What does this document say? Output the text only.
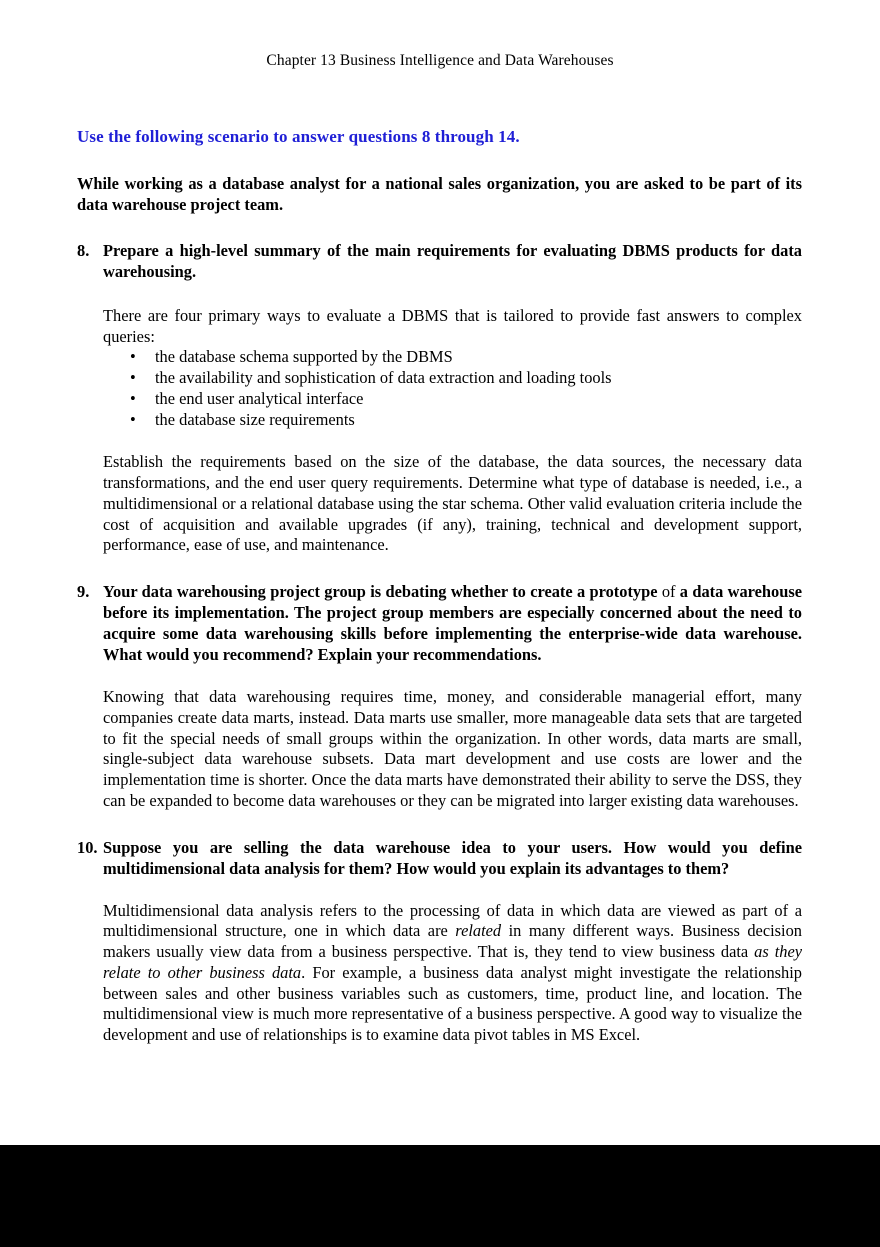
Chapter 13 Business Intelligence and Data Warehouses
Use the following scenario to answer questions 8 through 14.
While working as a database analyst for a national sales organization, you are asked to be part of its data warehouse project team.
8. Prepare a high-level summary of the main requirements for evaluating DBMS products for data warehousing.
There are four primary ways to evaluate a DBMS that is tailored to provide fast answers to complex queries:
• the database schema supported by the DBMS
• the availability and sophistication of data extraction and loading tools
• the end user analytical interface
• the database size requirements
Establish the requirements based on the size of the database, the data sources, the necessary data transformations, and the end user query requirements. Determine what type of database is needed, i.e., a multidimensional or a relational database using the star schema. Other valid evaluation criteria include the cost of acquisition and available upgrades (if any), training, technical and development support, performance, ease of use, and maintenance.
9. Your data warehousing project group is debating whether to create a prototype of a data warehouse before its implementation. The project group members are especially concerned about the need to acquire some data warehousing skills before implementing the enterprise-wide data warehouse. What would you recommend? Explain your recommendations.
Knowing that data warehousing requires time, money, and considerable managerial effort, many companies create data marts, instead. Data marts use smaller, more manageable data sets that are targeted to fit the special needs of small groups within the organization. In other words, data marts are small, single-subject data warehouse subsets. Data mart development and use costs are lower and the implementation time is shorter. Once the data marts have demonstrated their ability to serve the DSS, they can be expanded to become data warehouses or they can be migrated into larger existing data warehouses.
10. Suppose you are selling the data warehouse idea to your users. How would you define multidimensional data analysis for them? How would you explain its advantages to them?
Multidimensional data analysis refers to the processing of data in which data are viewed as part of a multidimensional structure, one in which data are related in many different ways. Business decision makers usually view data from a business perspective. That is, they tend to view business data as they relate to other business data. For example, a business data analyst might investigate the relationship between sales and other business variables such as customers, time, product line, and location. The multidimensional view is much more representative of a business perspective. A good way to visualize the development and use of relationships is to examine data pivot tables in MS Excel.
